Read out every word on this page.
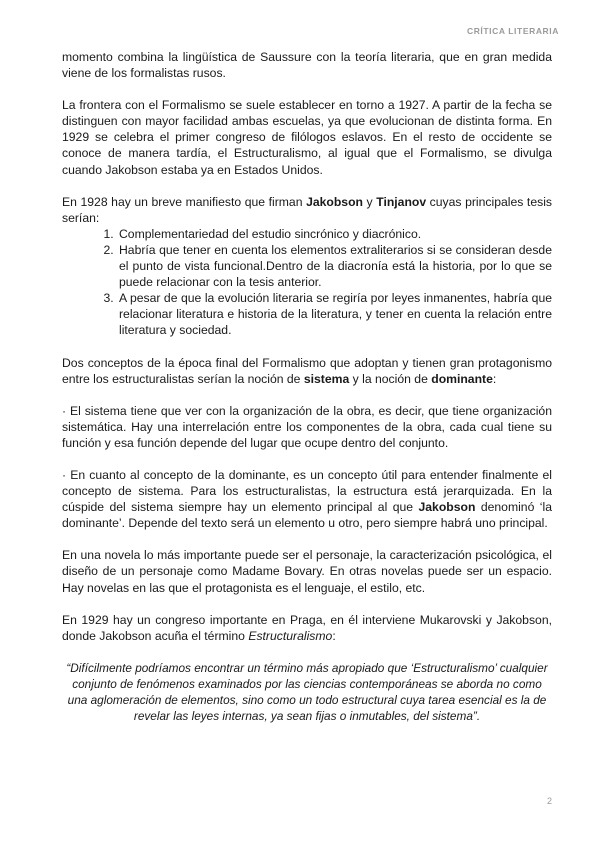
CRÍTICA LITERARIA

momento combina la lingüística de Saussure con la teoría literaria, que en gran medida viene de los formalistas rusos.

La frontera con el Formalismo se suele establecer en torno a 1927. A partir de la fecha se distinguen con mayor facilidad ambas escuelas, ya que evolucionan de distinta forma. En 1929 se celebra el primer congreso de filólogos eslavos. En el resto de occidente se conoce de manera tardía, el Estructuralismo, al igual que el Formalismo, se divulga cuando Jakobson estaba ya en Estados Unidos.

En 1928 hay un breve manifiesto que firman Jakobson y Tinjanov cuyas principales tesis serían:

1. Complementariedad del estudio sincrónico y diacrónico.
2. Habría que tener en cuenta los elementos extraliterarios si se consideran desde el punto de vista funcional.Dentro de la diacronía está la historia, por lo que se puede relacionar con la tesis anterior.
3. A pesar de que la evolución literaria se regiría por leyes inmanentes, habría que relacionar literatura e historia de la literatura, y tener en cuenta la relación entre literatura y sociedad.

Dos conceptos de la época final del Formalismo que adoptan y tienen gran protagonismo entre los estructuralistas serían la noción de sistema y la noción de dominante:

· El sistema tiene que ver con la organización de la obra, es decir, que tiene organización sistemática. Hay una interrelación entre los componentes de la obra, cada cual tiene su función y esa función depende del lugar que ocupe dentro del conjunto.

· En cuanto al concepto de la dominante, es un concepto útil para entender finalmente el concepto de sistema. Para los estructuralistas, la estructura está jerarquizada. En la cúspide del sistema siempre hay un elemento principal al que Jakobson denominó ‘la dominante’. Depende del texto será un elemento u otro, pero siempre habrá uno principal.

En una novela lo más importante puede ser el personaje, la caracterización psicológica, el diseño de un personaje como Madame Bovary. En otras novelas puede ser un espacio. Hay novelas en las que el protagonista es el lenguaje, el estilo, etc.

En 1929 hay un congreso importante en Praga, en él interviene Mukarovski y Jakobson, donde Jakobson acuña el término Estructuralismo:

“Difícilmente podríamos encontrar un término más apropiado que ‘Estructuralismo’ cualquier conjunto de fenómenos examinados por las ciencias contemporáneas se aborda no como una aglomeración de elementos, sino como un todo estructural cuya tarea esencial es la de revelar las leyes internas, ya sean fijas o inmutables, del sistema”.
2
